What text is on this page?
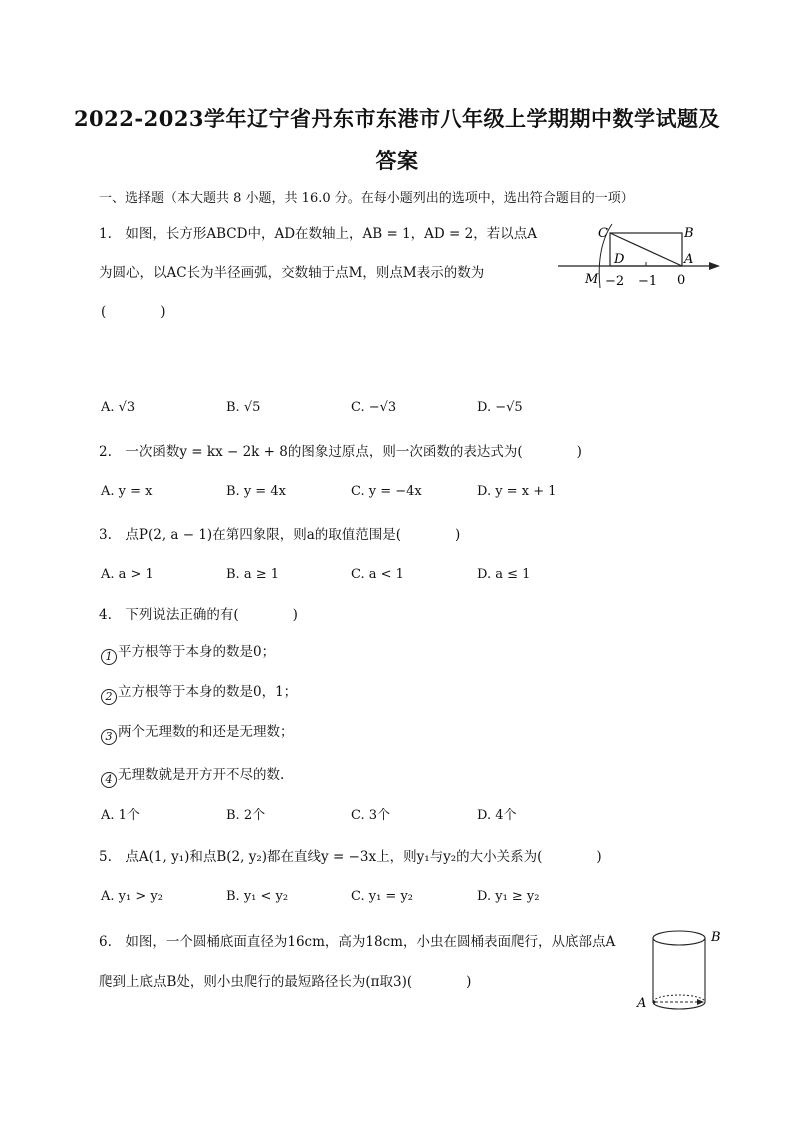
2022-2023学年辽宁省丹东市东港市八年级上学期期中数学试题及
答案
一、选择题（本大题共 8 小题，共 16.0 分。在每小题列出的选项中，选出符合题目的一项）
1.　如图，长方形ABCD中，AD在数轴上，AB = 1，AD = 2，若以点A
为圆心，以AC长为半径画弧，交数轴于点M，则点M表示的数为
(　　　　)
C	B
D	A
M −2 −1 0
A. √3	B. √5	C. −√3	D. −√5
2.　一次函数y = kx − 2k + 8的图象过原点，则一次函数的表达式为(　　　　)
A. y = x	B. y = 4x	C. y = −4x	D. y = x + 1
3.　点P(2, a − 1)在第四象限，则a的取值范围是(　　　　)
A. a > 1	B. a ≥ 1	C. a < 1	D. a ≤ 1
4.　下列说法正确的有(　　　　)
1 平方根等于本身的数是0；
2 立方根等于本身的数是0，1；
3 两个无理数的和还是无理数；
4 无理数就是开方开不尽的数.
A. 1个	B. 2个	C. 3个	D. 4个
5.　点A(1, y₁)和点B(2, y₂)都在直线y = −3x上，则y₁与y₂的大小关系为(　　　　)
A. y₁ > y₂	B. y₁ < y₂	C. y₁ = y₂	D. y₁ ≥ y₂
6.　如图，一个圆桶底面直径为16cm，高为18cm，小虫在圆桶表面爬行，从底部点A
爬到上底点B处，则小虫爬行的最短路径长为(π取3)(　　　　)
B
A
